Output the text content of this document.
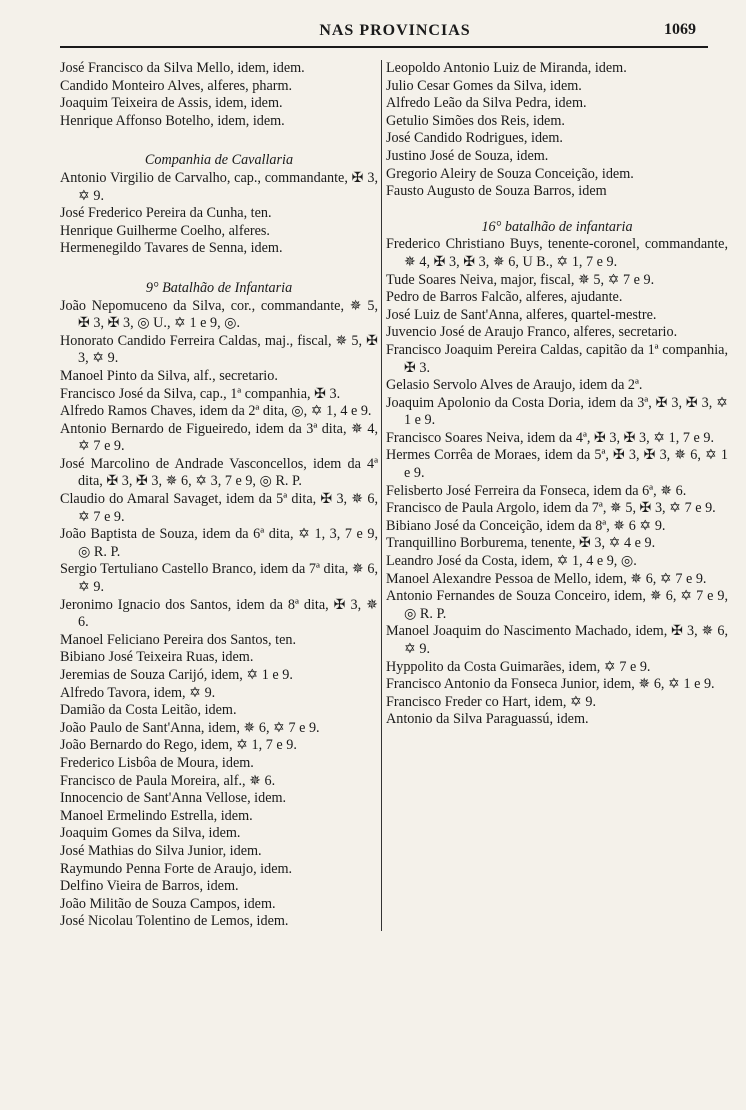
NAS PROVINCIAS	1069
José Francisco da Silva Mello, idem, idem.
Candido Monteiro Alves, alferes, pharm.
Joaquim Teixeira de Assis, idem, idem.
Henrique Affonso Botelho, idem, idem.
Companhia de Cavallaria
Antonio Virgilio de Carvalho, cap., commandante, ✠ 3, ✡ 9.
José Frederico Pereira da Cunha, ten.
Henrique Guilherme Coelho, alferes.
Hermenegildo Tavares de Senna, idem.
9° Batalhão de Infantaria
João Nepomuceno da Silva, cor., commandante, ✵ 5, ✠ 3, ✠ 3, ◎ U., ✡ 1 e 9, ◎.
Honorato Candido Ferreira Caldas, maj., fiscal, ✵ 5, ✠ 3, ✡ 9.
Manoel Pinto da Silva, alf., secretario.
Francisco José da Silva, cap., 1ª companhia, ✠ 3.
Alfredo Ramos Chaves, idem da 2ª dita, ◎, ✡ 1, 4 e 9.
Antonio Bernardo de Figueiredo, idem da 3ª dita, ✵ 4, ✡ 7 e 9.
José Marcolino de Andrade Vasconcellos, idem da 4ª dita, ✠ 3, ✠ 3, ✵ 6, ✡ 3, 7 e 9, ◎ R. P.
Claudio do Amaral Savaget, idem da 5ª dita, ✠ 3, ✵ 6, ✡ 7 e 9.
João Baptista de Souza, idem da 6ª dita, ✡ 1, 3, 7 e 9, ◎ R. P.
Sergio Tertuliano Castello Branco, idem da 7ª dita, ✵ 6, ✡ 9.
Jeronimo Ignacio dos Santos, idem da 8ª dita, ✠ 3, ✵ 6.
Manoel Feliciano Pereira dos Santos, ten.
Bibiano José Teixeira Ruas, idem.
Jeremias de Souza Carijó, idem, ✡ 1 e 9.
Alfredo Tavora, idem, ✡ 9.
Damião da Costa Leitão, idem.
João Paulo de Sant'Anna, idem, ✵ 6, ✡ 7 e 9.
João Bernardo do Rego, idem, ✡ 1, 7 e 9.
Frederico Lisbôa de Moura, idem.
Francisco de Paula Moreira, alf., ✵ 6.
Innocencio de Sant'Anna Vellose, idem.
Manoel Ermelindo Estrella, idem.
Joaquim Gomes da Silva, idem.
José Mathias do Silva Junior, idem.
Raymundo Penna Forte de Araujo, idem.
Delfino Vieira de Barros, idem.
João Militão de Souza Campos, idem.
José Nicolau Tolentino de Lemos, idem.
Leopoldo Antonio Luiz de Miranda, idem.
Julio Cesar Gomes da Silva, idem.
Alfredo Leão da Silva Pedra, idem.
Getulio Simões dos Reis, idem.
José Candido Rodrigues, idem.
Justino José de Souza, idem.
Gregorio Aleiry de Souza Conceição, idem.
Fausto Augusto de Souza Barros, idem
16° batalhão de infantaria
Frederico Christiano Buys, tenente-coronel, commandante, ✵ 4, ✠ 3, ✠ 3, ✵ 6, U B., ✡ 1, 7 e 9.
Tude Soares Neiva, major, fiscal, ✵ 5, ✡ 7 e 9.
Pedro de Barros Falcão, alferes, ajudante.
José Luiz de Sant'Anna, alferes, quartel-mestre.
Juvencio José de Araujo Franco, alferes, secretario.
Francisco Joaquim Pereira Caldas, capitão da 1ª companhia, ✠ 3.
Gelasio Servolo Alves de Araujo, idem da 2ª.
Joaquim Apolonio da Costa Doria, idem da 3ª, ✠ 3, ✠ 3, ✡ 1 e 9.
Francisco Soares Neiva, idem da 4ª, ✠ 3, ✠ 3, ✡ 1, 7 e 9.
Hermes Corrêa de Moraes, idem da 5ª, ✠ 3, ✠ 3, ✵ 6, ✡ 1 e 9.
Felisberto José Ferreira da Fonseca, idem da 6ª, ✵ 6.
Francisco de Paula Argolo, idem da 7ª, ✵ 5, ✠ 3, ✡ 7 e 9.
Bibiano José da Conceição, idem da 8ª, ✵ 6 ✡ 9.
Tranquillino Borburema, tenente, ✠ 3, ✡ 4 e 9.
Leandro José da Costa, idem, ✡ 1, 4 e 9, ◎.
Manoel Alexandre Pessoa de Mello, idem, ✵ 6, ✡ 7 e 9.
Antonio Fernandes de Souza Conceiro, idem, ✵ 6, ✡ 7 e 9, ◎ R. P.
Manoel Joaquim do Nascimento Machado, idem, ✠ 3, ✵ 6, ✡ 9.
Hyppolito da Costa Guimarães, idem, ✡ 7 e 9.
Francisco Antonio da Fonseca Junior, idem, ✵ 6, ✡ 1 e 9.
Francisco Freder co Hart, idem, ✡ 9.
Antonio da Silva Paraguassú, idem.
